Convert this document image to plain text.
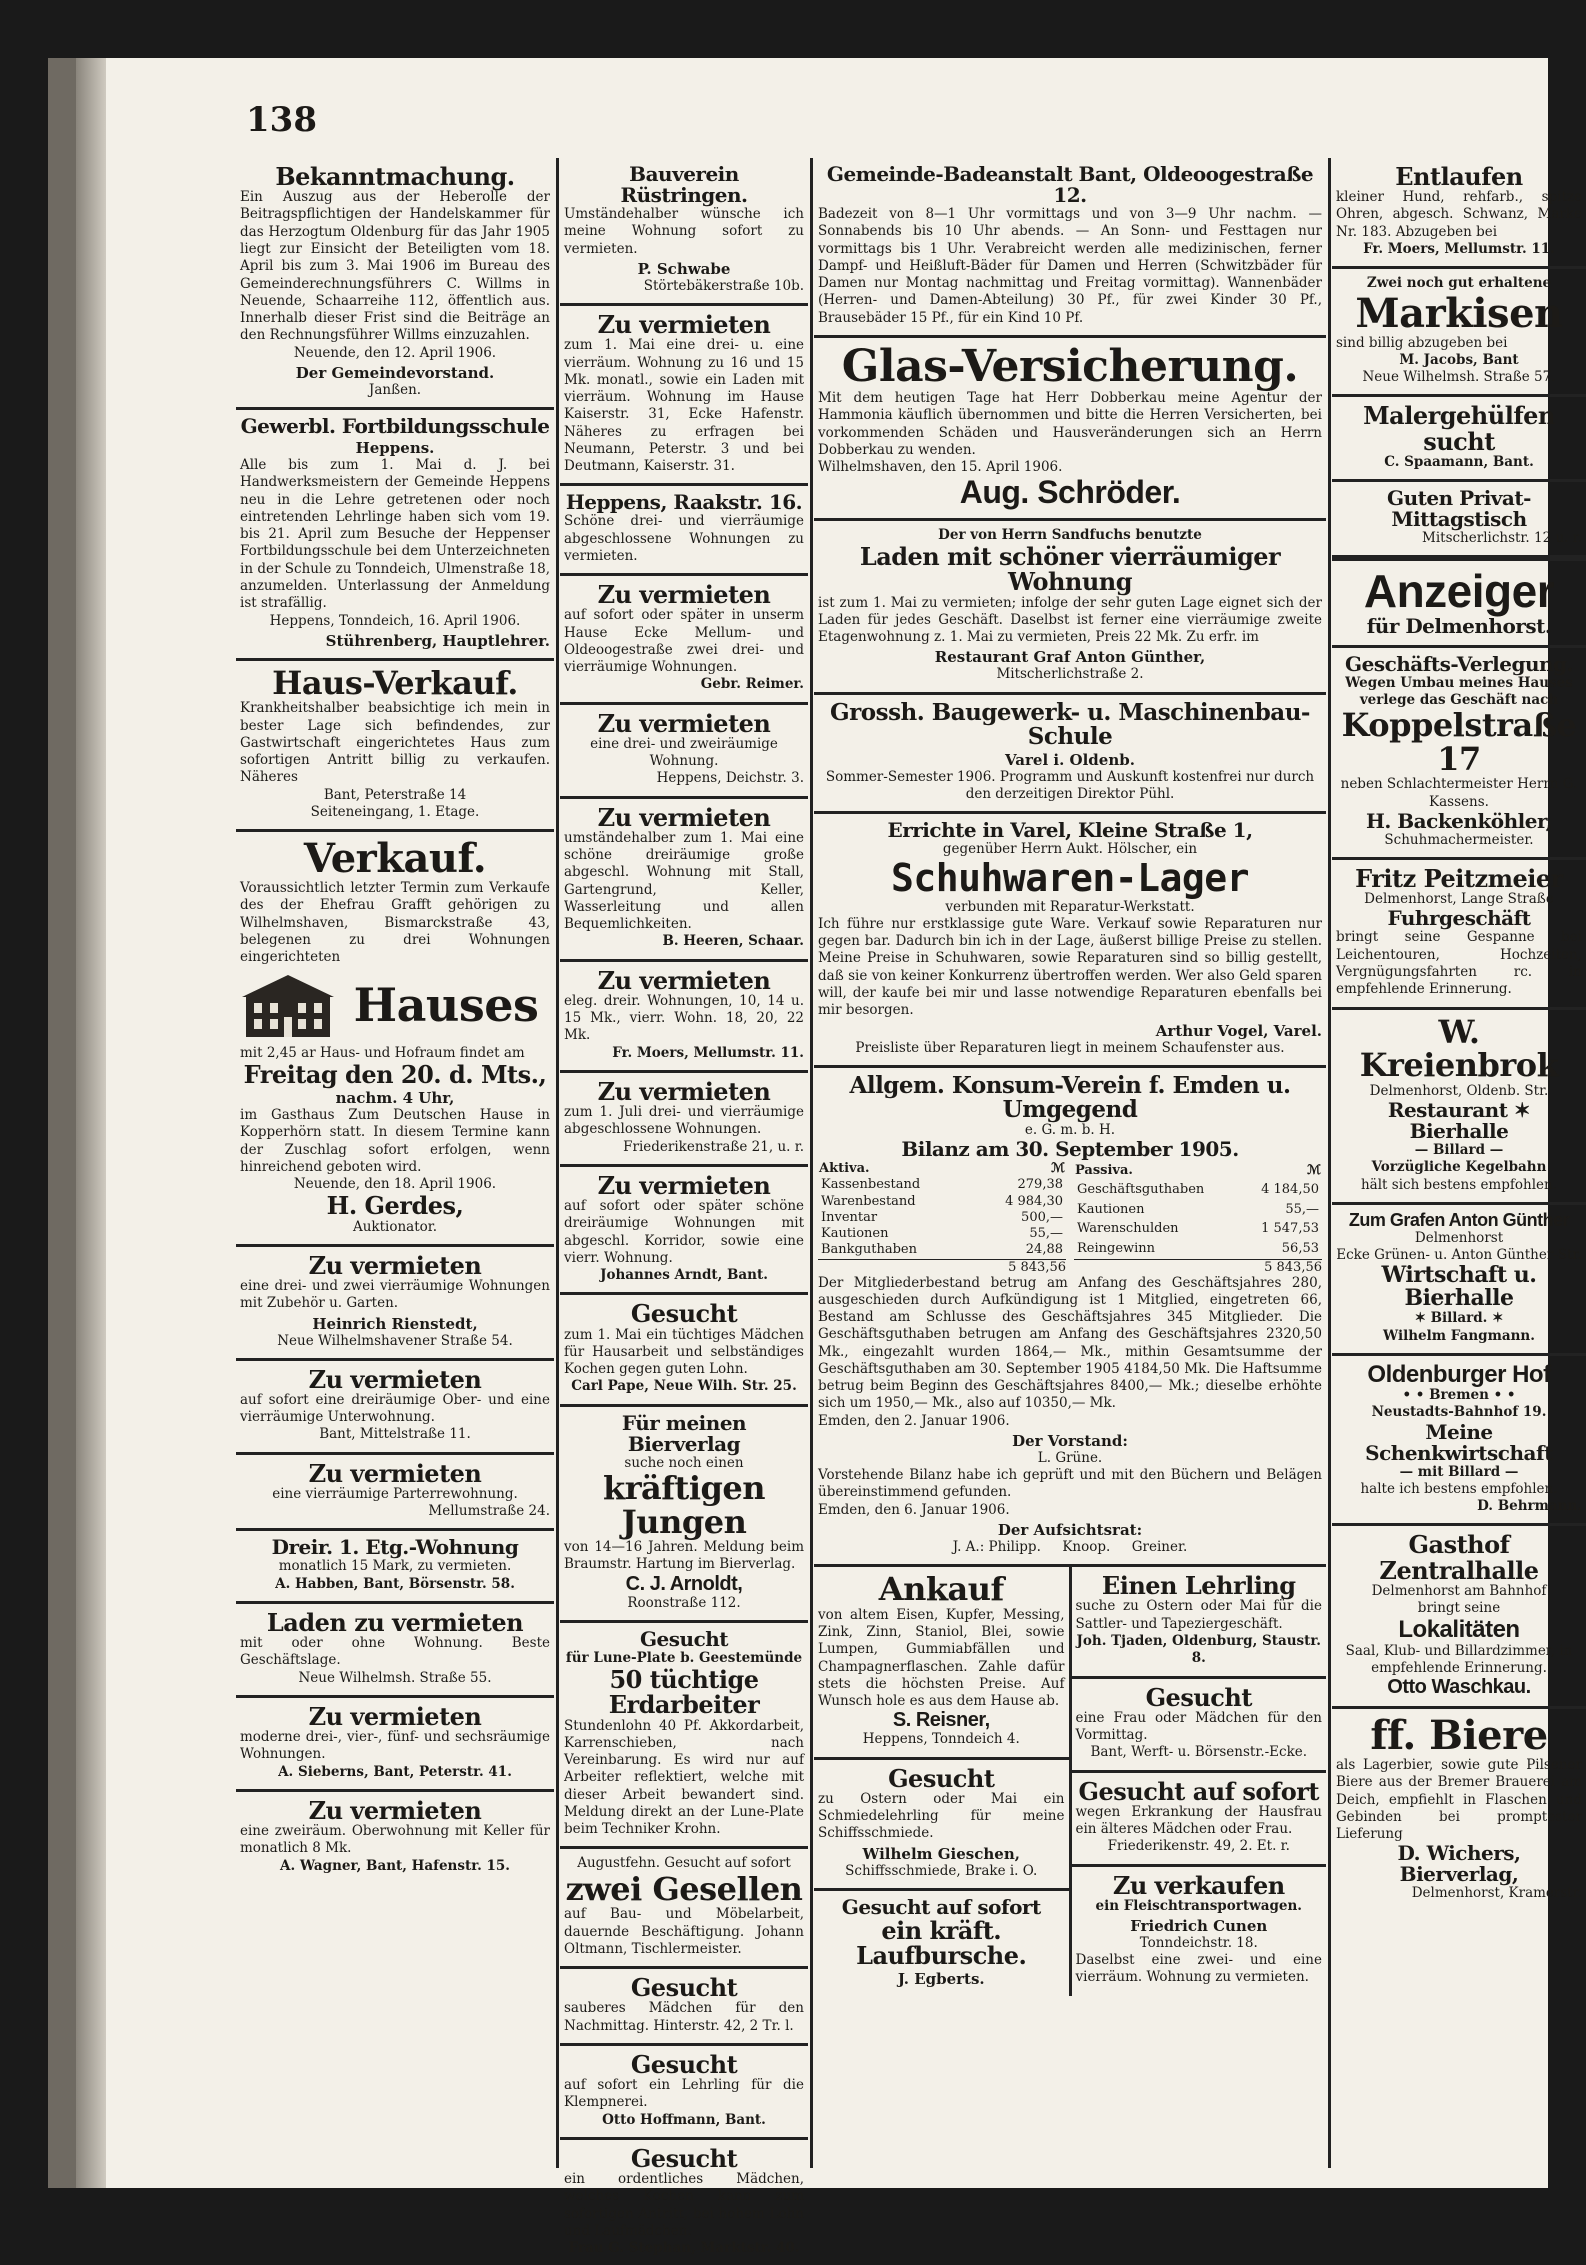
138
Bekanntmachung.
Ein Auszug aus der Heberolle der Beitragspflichtigen der Handelskammer für das Herzogtum Oldenburg für das Jahr 1905 liegt zur Einsicht der Beteiligten vom 18. April bis zum 3. Mai 1906 im Bureau des Gemeinderechnungsführers C. Willms in Neuende, Schaarreihe 112, öffentlich aus. Innerhalb dieser Frist sind die Beiträge an den Rechnungsführer Willms einzuzahlen.
Neuende, den 12. April 1906.
Der Gemeindevorstand.
Janßen.
Gewerbl. Fortbildungsschule
Heppens.
Alle bis zum 1. Mai d. J. bei Handwerksmeistern der Gemeinde Heppens neu in die Lehre getretenen oder noch eintretenden Lehrlinge haben sich vom 19. bis 21. April zum Besuche der Heppenser Fortbildungsschule bei dem Unterzeichneten in der Schule zu Tonndeich, Ulmenstraße 18, anzumelden. Unterlassung der Anmeldung ist strafällig.
Heppens, Tonndeich, 16. April 1906.
Stührenberg, Hauptlehrer.
Haus-Verkauf.
Krankheitshalber beabsichtige ich mein in bester Lage sich befindendes, zur Gastwirtschaft eingerichtetes Haus zum sofortigen Antritt billig zu verkaufen. Näheres
Bant, Peterstraße 14
Seiteneingang, 1. Etage.
Verkauf.
Voraussichtlich letzter Termin zum Verkaufe des der Ehefrau Grafft gehörigen zu Wilhelmshaven, Bismarckstraße 43, belegenen zu drei Wohnungen eingerichteten
Hauses
mit 2,45 ar Haus- und Hofraum findet am
Freitag den 20. d. Mts.,
nachm. 4 Uhr,
im Gasthaus Zum Deutschen Hause in Kopperhörn statt. In diesem Termine kann der Zuschlag sofort erfolgen, wenn hinreichend geboten wird.
Neuende, den 18. April 1906.
H. Gerdes,
Auktionator.
Zu vermieten
eine drei- und zwei vierräumige Wohnungen mit Zubehör u. Garten.
Heinrich Rienstedt,
Neue Wilhelmshavener Straße 54.
Zu vermieten
auf sofort eine dreiräumige Ober- und eine vierräumige Unterwohnung.
Bant, Mittelstraße 11.
Zu vermieten
eine vierräumige Parterrewohnung.
Mellumstraße 24.
Dreir. 1. Etg.-Wohnung
monatlich 15 Mark, zu vermieten.
A. Habben, Bant, Börsenstr. 58.
Laden zu vermieten
mit oder ohne Wohnung. Beste Geschäftslage.
Neue Wilhelmsh. Straße 55.
Zu vermieten
moderne drei-, vier-, fünf- und sechsräumige Wohnungen.
A. Sieberns, Bant, Peterstr. 41.
Zu vermieten
eine zweiräum. Oberwohnung mit Keller für monatlich 8 Mk.
A. Wagner, Bant, Hafenstr. 15.
Bauverein Rüstringen.
Umständehalber wünsche ich meine Wohnung sofort zu vermieten.
P. Schwabe
Störtebäkerstraße 10b.
Zu vermieten
zum 1. Mai eine drei- u. eine vierräum. Wohnung zu 16 und 15 Mk. monatl., sowie ein Laden mit vierräum. Wohnung im Hause Kaiserstr. 31, Ecke Hafenstr. Näheres zu erfragen bei Neumann, Peterstr. 3 und bei Deutmann, Kaiserstr. 31.
Heppens, Raakstr. 16.
Schöne drei- und vierräumige abgeschlossene Wohnungen zu vermieten.
Zu vermieten
auf sofort oder später in unserm Hause Ecke Mellum- und Oldeoogestraße zwei drei- und vierräumige Wohnungen.
Gebr. Reimer.
Zu vermieten
eine drei- und zweiräumige Wohnung.
Heppens, Deichstr. 3.
Zu vermieten
umständehalber zum 1. Mai eine schöne dreiräumige große abgeschl. Wohnung mit Stall, Gartengrund, Keller, Wasserleitung und allen Bequemlichkeiten.
B. Heeren, Schaar.
Zu vermieten
eleg. dreir. Wohnungen, 10, 14 u. 15 Mk., vierr. Wohn. 18, 20, 22 Mk.
Fr. Moers, Mellumstr. 11.
Zu vermieten
zum 1. Juli drei- und vierräumige abgeschlossene Wohnungen.
Friederikenstraße 21, u. r.
Zu vermieten
auf sofort oder später schöne dreiräumige Wohnungen mit abgeschl. Korridor, sowie eine vierr. Wohnung.
Johannes Arndt, Bant.
Gesucht
zum 1. Mai ein tüchtiges Mädchen für Hausarbeit und selbständiges Kochen gegen guten Lohn.
Carl Pape, Neue Wilh. Str. 25.
Für meinen Bierverlag
suche noch einen
kräftigen Jungen
von 14—16 Jahren. Meldung beim Braumstr. Hartung im Bierverlag.
C. J. Arnoldt,
Roonstraße 112.
Gesucht
für Lune-Plate b. Geestemünde
50 tüchtige Erdarbeiter
Stundenlohn 40 Pf. Akkordarbeit, Karrenschieben, nach Vereinbarung. Es wird nur auf Arbeiter reflektiert, welche mit dieser Arbeit bewandert sind. Meldung direkt an der Lune-Plate beim Techniker Krohn.
Augustfehn. Gesucht auf sofort
zwei Gesellen
auf Bau- und Möbelarbeit, dauernde Beschäftigung. Johann Oltmann, Tischlermeister.
Gesucht
sauberes Mädchen für den Nachmittag. Hinterstr. 42, 2 Tr. l.
Gesucht
auf sofort ein Lehrling für die Klempnerei.
Otto Hoffmann, Bant.
Gesucht
ein ordentliches Mädchen, welches Kochen kann zum sofortigen Antritt, bei hohem Lohn und Laufmädchen.
Frau G. Stephan, Marktstr. 40.
Gemeinde-Badeanstalt Bant, Oldeoogestraße 12.
Badezeit von 8—1 Uhr vormittags und von 3—9 Uhr nachm. — Sonnabends bis 10 Uhr abends. — An Sonn- und Festtagen nur vormittags bis 1 Uhr. Verabreicht werden alle medizinischen, ferner Dampf- und Heißluft-Bäder für Damen und Herren (Schwitzbäder für Damen nur Montag nachmittag und Freitag vormittag). Wannenbäder (Herren- und Damen-Abteilung) 30 Pf., für zwei Kinder 30 Pf., Brausebäder 15 Pf., für ein Kind 10 Pf.
Glas-Versicherung.
Mit dem heutigen Tage hat Herr Dobberkau meine Agentur der Hammonia käuflich übernommen und bitte die Herren Versicherten, bei vorkommenden Schäden und Hausveränderungen sich an Herrn Dobberkau zu wenden.
Wilhelmshaven, den 15. April 1906.
Aug. Schröder.
Der von Herrn Sandfuchs benutzte
Laden mit schöner vierräumiger Wohnung
ist zum 1. Mai zu vermieten; infolge der sehr guten Lage eignet sich der Laden für jedes Geschäft. Daselbst ist ferner eine vierräumige zweite Etagenwohnung z. 1. Mai zu vermieten, Preis 22 Mk. Zu erfr. im
Restaurant Graf Anton Günther,
Mitscherlichstraße 2.
Grossh. Baugewerk- u. Maschinenbau-Schule
Varel i. Oldenb.
Sommer-Semester 1906. Programm und Auskunft kostenfrei nur durch den derzeitigen Direktor Pühl.
Errichte in Varel, Kleine Straße 1,
gegenüber Herrn Aukt. Hölscher, ein
Schuhwaren-Lager
verbunden mit Reparatur-Werkstatt.
Ich führe nur erstklassige gute Ware. Verkauf sowie Reparaturen nur gegen bar. Dadurch bin ich in der Lage, äußerst billige Preise zu stellen. Meine Preise in Schuhwaren, sowie Reparaturen sind so billig gestellt, daß sie von keiner Konkurrenz übertroffen werden. Wer also Geld sparen will, der kaufe bei mir und lasse notwendige Reparaturen ebenfalls bei mir besorgen.
Arthur Vogel, Varel.
Preisliste über Reparaturen liegt in meinem Schaufenster aus.
Allgem. Konsum-Verein f. Emden u. Umgegend
e. G. m. b. H.
Bilanz am 30. September 1905.
Aktiva.	ℳ
Kassenbestand	279,38
Warenbestand	4 984,30
Inventar	500,—
Kautionen	55,—
Bankguthaben	24,88
Passiva.	ℳ
Geschäftsguthaben	4 184,50
Kautionen	55,—
Warenschulden	1 547,53
Reingewinn	56,53
5 843,56	5 843,56
Der Mitgliederbestand betrug am Anfang des Geschäftsjahres 280, ausgeschieden durch Aufkündigung ist 1 Mitglied, eingetreten 66, Bestand am Schlusse des Geschäftsjahres 345 Mitglieder. Die Geschäftsguthaben betrugen am Anfang des Geschäftsjahres 2320,50 Mk., eingezahlt wurden 1864,— Mk., mithin Gesamtsumme der Geschäftsguthaben am 30. September 1905 4184,50 Mk. Die Haftsumme betrug beim Beginn des Geschäftsjahres 8400,— Mk.; dieselbe erhöhte sich um 1950,— Mk., also auf 10350,— Mk.
Emden, den 2. Januar 1906.
Der Vorstand:
L. Grüne.
Vorstehende Bilanz habe ich geprüft und mit den Büchern und Belägen übereinstimmend gefunden.
Emden, den 6. Januar 1906.
Der Aufsichtsrat:
J. A.: Philipp.     Knoop.     Greiner.
Ankauf
von altem Eisen, Kupfer, Messing, Zink, Zinn, Staniol, Blei, sowie Lumpen, Gummiabfällen und Champagnerflaschen. Zahle dafür stets die höchsten Preise. Auf Wunsch hole es aus dem Hause ab.
S. Reisner,
Heppens, Tonndeich 4.
Gesucht
zu Ostern oder Mai ein Schmiedelehrling für meine Schiffsschmiede.
Wilhelm Gieschen,
Schiffsschmiede, Brake i. O.
Gesucht auf sofort
ein kräft. Laufbursche.
J. Egberts.
Einen Lehrling
suche zu Ostern oder Mai für die Sattler- und Tapeziergeschäft.
Joh. Tjaden, Oldenburg, Staustr. 8.
Gesucht
eine Frau oder Mädchen für den Vormittag.
Bant, Werft- u. Börsenstr.-Ecke.
Gesucht auf sofort
wegen Erkrankung der Hausfrau ein älteres Mädchen oder Frau.
Friederikenstr. 49, 2. Et. r.
Zu verkaufen
ein Fleischtransportwagen.
Friedrich Cunen
Tonndeichstr. 18.
Daselbst eine zwei- und eine vierräum. Wohnung zu vermieten.
Entlaufen
kleiner Hund, rehfarb., spitze Ohren, abgesch. Schwanz, Marke Nr. 183. Abzugeben bei
Fr. Moers, Mellumstr. 11.
Zwei noch gut erhaltene
Markisen
sind billig abzugeben bei
M. Jacobs, Bant
Neue Wilhelmsh. Straße 57.
Malergehülfen sucht
C. Spaamann, Bant.
Guten Privat-Mittagstisch
Mitscherlichstr. 12 u. r.
Anzeiger
für Delmenhorst.
Geschäfts-Verlegung.
Wegen Umbau meines Hauses verlege das Geschäft nach
Koppelstraße 17
neben Schlachtermeister Herrn G. Kassens.
H. Backenköhler,
Schuhmachermeister.
Fritz Peitzmeier
Delmenhorst, Lange Straße
Fuhrgeschäft
bringt seine Gespanne bei Leichentouren, Hochzeiten, Vergnügungsfahrten rc. in empfehlende Erinnerung.
W. Kreienbrok
Delmenhorst, Oldenb. Str.
Restaurant ✶ Bierhalle
— Billard —
Vorzügliche Kegelbahn
hält sich bestens empfohlen.
Zum Grafen Anton Günther
Delmenhorst
Ecke Grünen- u. Anton Günther-Str.
Wirtschaft u. Bierhalle
✶ Billard. ✶
Wilhelm Fangmann.
Oldenburger Hof
• • Bremen • •
Neustadts-Bahnhof 19.
Meine Schenkwirtschaft
— mit Billard —
halte ich bestens empfohlen.
D. Behrmann.
Gasthof Zentralhalle
Delmenhorst am Bahnhof
bringt seine
Lokalitäten
Saal, Klub- und Billardzimmer, in empfehlende Erinnerung.
Otto Waschkau.
ff. Biere
als Lagerbier, sowie gute Pilsener Biere aus der Bremer Brauerei am Deich, empfiehlt in Flaschen und Gebinden bei promptester Lieferung
D. Wichers, Bierverlag,
Delmenhorst, Kramerstr.
